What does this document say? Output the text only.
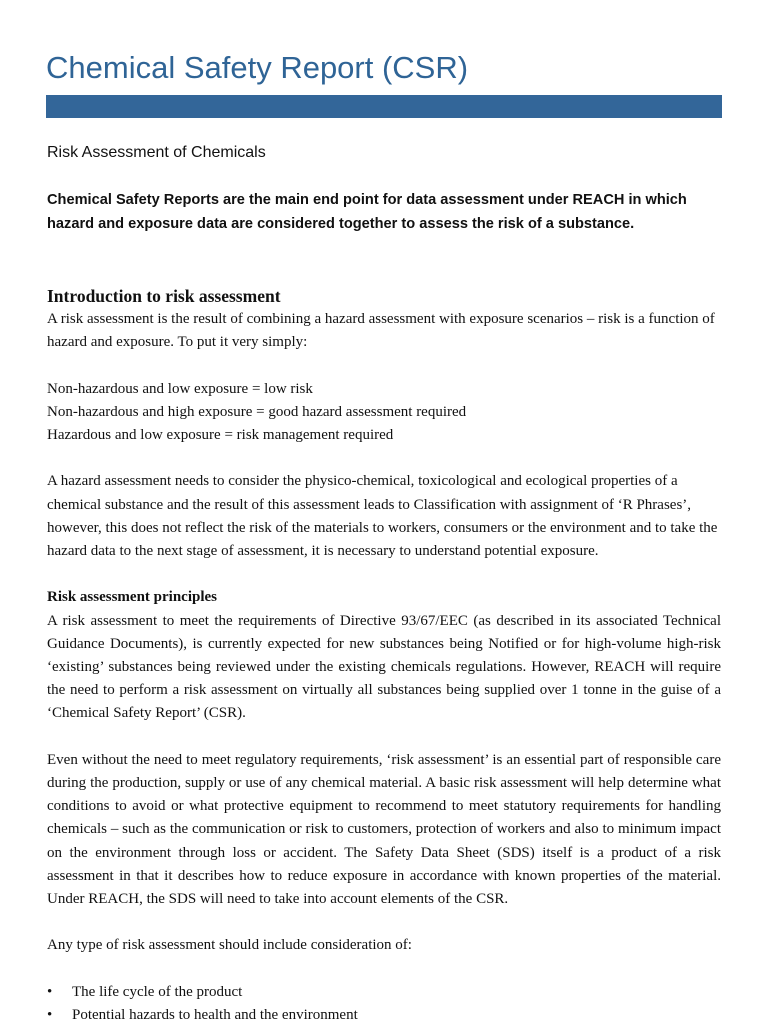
Chemical Safety Report (CSR)
Risk Assessment of Chemicals

Chemical Safety Reports are the main end point for data assessment under REACH in which hazard and exposure data are considered together to assess the risk of a substance.

Introduction to risk assessment

A risk assessment is the result of combining a hazard assessment with exposure scenarios – risk is a function of hazard and exposure. To put it very simply:

Non-hazardous and low exposure = low risk

Non-hazardous and high exposure = good hazard assessment required

Hazardous and low exposure = risk management required

A hazard assessment needs to consider the physico-chemical, toxicological and ecological properties of a chemical substance and the result of this assessment leads to Classification with assignment of ‘R Phrases’, however, this does not reflect the risk of the materials to workers, consumers or the environment and to take the hazard data to the next stage of assessment, it is necessary to understand potential exposure.

Risk assessment principles

A risk assessment to meet the requirements of Directive 93/67/EEC (as described in its associated Technical Guidance Documents), is currently expected for new substances being Notified or for high-volume high-risk ‘existing’ substances being reviewed under the existing chemicals regulations. However, REACH will require the need to perform a risk assessment on virtually all substances being supplied over 1 tonne in the guise of a ‘Chemical Safety Report’ (CSR).

Even without the need to meet regulatory requirements, ‘risk assessment’ is an essential part of responsible care during the production, supply or use of any chemical material. A basic risk assessment will help determine what conditions to avoid or what protective equipment to recommend to meet statutory requirements for handling chemicals – such as the communication or risk to customers, protection of workers and also to minimum impact on the environment through loss or accident. The Safety Data Sheet (SDS) itself is a product of a risk assessment in that it describes how to reduce exposure in accordance with known properties of the material. Under REACH, the SDS will need to take into account elements of the CSR.

Any type of risk assessment should include consideration of:

•	The life cycle of the product
•	Potential hazards to health and the environment
